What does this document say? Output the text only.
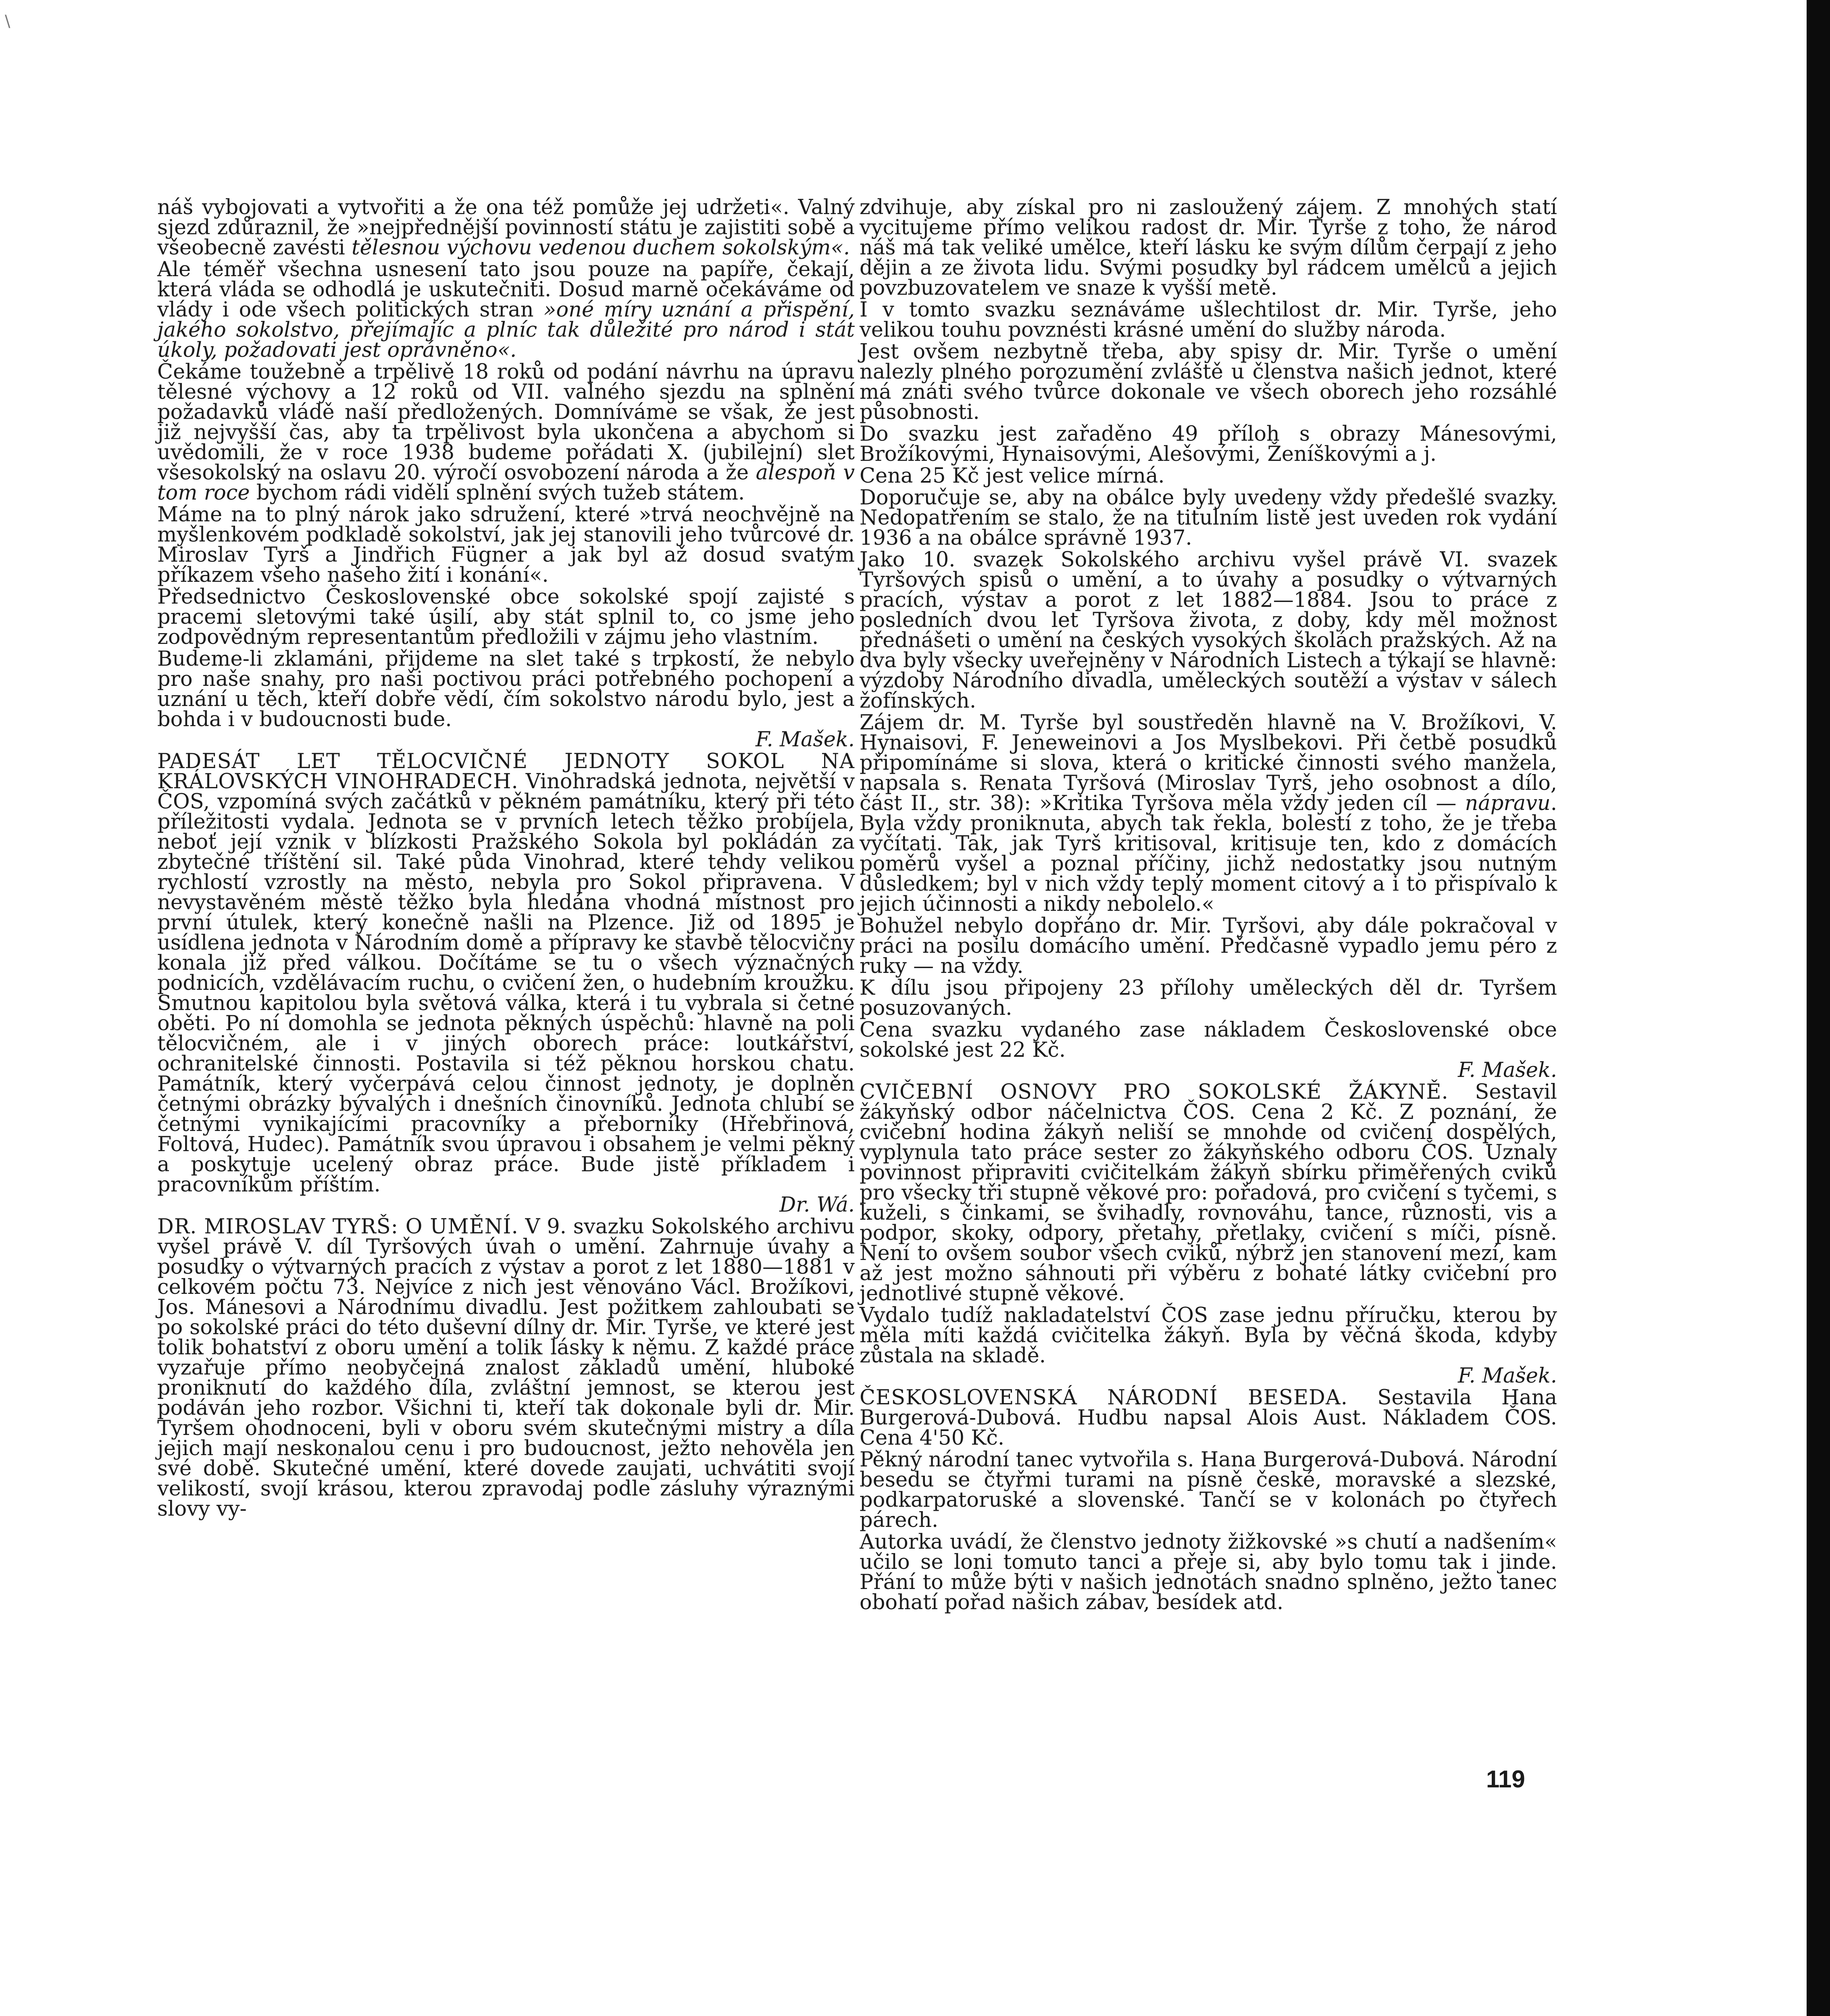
\

náš vybojovati a vytvořiti a že ona též pomůže jej udržeti«. Valný sjezd zdůraznil, že »nejpřednější povinností státu je zajistiti sobě a všeobecně zavésti tělesnou výchovu vedenou duchem sokolským«.

Ale téměř všechna usnesení tato jsou pouze na papíře, čekají, která vláda se odhodlá je uskutečniti. Dosud marně očekáváme od vlády i ode všech politických stran »oné míry uznání a přispění, jakého sokolstvo, přejímajíc a plníc tak důležité pro národ i stát úkoly, požadovati jest oprávněno«.

Čekáme toužebně a trpělivě 18 roků od podání návrhu na úpravu tělesné výchovy a 12 roků od VII. valného sjezdu na splnění požadavků vládě naší předložených. Domníváme se však, že jest již nejvyšší čas, aby ta trpělivost byla ukončena a abychom si uvědomili, že v roce 1938 budeme pořádati X. (jubilejní) slet všesokolský na oslavu 20. výročí osvobození národa a že alespoň v tom roce bychom rádi viděli splnění svých tužeb státem.

Máme na to plný nárok jako sdružení, které »trvá neochvějně na myšlenkovém podkladě sokolství, jak jej stanovili jeho tvůrcové dr. Miroslav Tyrš a Jindřich Fügner a jak byl až dosud svatým příkazem všeho našeho žití i konání«.

Předsednictvo Československé obce sokolské spojí zajisté s pracemi sletovými také úsilí, aby stát splnil to, co jsme jeho zodpovědným representantům předložili v zájmu jeho vlastním.

Budeme-li zklamáni, přijdeme na slet také s trpkostí, že nebylo pro naše snahy, pro naši poctivou práci potřebného pochopení a uznání u těch, kteří dobře vědí, čím sokolstvo národu bylo, jest a bohda i v budoucnosti bude.
F. Mašek.

PADESÁT LET TĚLOCVIČNÉ JEDNOTY SOKOL NA KRÁLOVSKÝCH VINOHRADECH. Vinohradská jednota, největší v ČOS, vzpomíná svých začátků v pěkném památníku, který při této příležitosti vydala. Jednota se v prvních letech těžko probíjela, neboť její vznik v blízkosti Pražského Sokola byl pokládán za zbytečné tříštění sil. Také půda Vinohrad, které tehdy velikou rychlostí vzrostly na město, nebyla pro Sokol připravena. V nevystavěném městě těžko byla hledána vhodná místnost pro první útulek, který konečně našli na Plzence. Již od 1895 je usídlena jednota v Národním domě a přípravy ke stavbě tělocvičny konala již před válkou. Dočítáme se tu o všech význačných podnicích, vzdělávacím ruchu, o cvičení žen, o hudebním kroužku. Smutnou kapitolou byla světová válka, která i tu vybrala si četné oběti. Po ní domohla se jednota pěkných úspěchů: hlavně na poli tělocvičném, ale i v jiných oborech práce: loutkářství, ochranitelské činnosti. Postavila si též pěknou horskou chatu. Památník, který vyčerpává celou činnost jednoty, je doplněn četnými obrázky bývalých i dnešních činovníků. Jednota chlubí se četnými vynikajícími pracovníky a přeborníky (Hřebřinová, Foltová, Hudec). Památník svou úpravou i obsahem je velmi pěkný a poskytuje ucelený obraz práce. Bude jistě příkladem i pracovníkům příštím.
Dr. Wá.

DR. MIROSLAV TYRŠ: O UMĚNÍ. V 9. svazku Sokolského archivu vyšel právě V. díl Tyršových úvah o umění. Zahrnuje úvahy a posudky o výtvarných pracích z výstav a porot z let 1880—1881 v celkovém počtu 73. Nejvíce z nich jest věnováno Václ. Brožíkovi, Jos. Mánesovi a Národnímu divadlu. Jest požitkem zahloubati se po sokolské práci do této duševní dílny dr. Mir. Tyrše, ve které jest tolik bohatství z oboru umění a tolik lásky k němu. Z každé práce vyzařuje přímo neobyčejná znalost základů umění, hluboké proniknutí do každého díla, zvláštní jemnost, se kterou jest podáván jeho rozbor. Všichni ti, kteří tak dokonale byli dr. Mir. Tyršem ohodnoceni, byli v oboru svém skutečnými mistry a díla jejich mají neskonalou cenu i pro budoucnost, ježto nehověla jen své době. Skutečné umění, které dovede zaujati, uchvátiti svojí velikostí, svojí krásou, kterou zpravodaj podle zásluhy výraznými slovy vy-

zdvihuje, aby získal pro ni zasloužený zájem. Z mnohých statí vycitujeme přímo velikou radost dr. Mir. Tyrše z toho, že národ náš má tak veliké umělce, kteří lásku ke svým dílům čerpají z jeho dějin a ze života lidu. Svými posudky byl rádcem umělců a jejich povzbuzovatelem ve snaze k vyšší metě.

I v tomto svazku seznáváme ušlechtilost dr. Mir. Tyrše, jeho velikou touhu povznésti krásné umění do služby národa.

Jest ovšem nezbytně třeba, aby spisy dr. Mir. Tyrše o umění nalezly plného porozumění zvláště u členstva našich jednot, které má znáti svého tvůrce dokonale ve všech oborech jeho rozsáhlé působnosti.

Do svazku jest zařaděno 49 příloh s obrazy Mánesovými, Brožíkovými, Hynaisovými, Alešovými, Ženíškovými a j.

Cena 25 Kč jest velice mírná.

Doporučuje se, aby na obálce byly uvedeny vždy předešlé svazky. Nedopatřením se stalo, že na titulním listě jest uveden rok vydání 1936 a na obálce správně 1937.

Jako 10. svazek Sokolského archivu vyšel právě VI. svazek Tyršových spisů o umění, a to úvahy a posudky o výtvarných pracích, výstav a porot z let 1882—1884. Jsou to práce z posledních dvou let Tyršova života, z doby, kdy měl možnost přednášeti o umění na českých vysokých školách pražských. Až na dva byly všecky uveřejněny v Národních Listech a týkají se hlavně: výzdoby Národního divadla, uměleckých soutěží a výstav v sálech žofínských.

Zájem dr. M. Tyrše byl soustředěn hlavně na V. Brožíkovi, V. Hynaisovi, F. Jeneweinovi a Jos Myslbekovi. Při četbě posudků připomínáme si slova, která o kritické činnosti svého manžela, napsala s. Renata Tyršová (Miroslav Tyrš, jeho osobnost a dílo, část II., str. 38): »Kritika Tyršova měla vždy jeden cíl — nápravu. Byla vždy proniknuta, abych tak řekla, bolestí z toho, že je třeba vyčítati. Tak, jak Tyrš kritisoval, kritisuje ten, kdo z domácích poměrů vyšel a poznal příčiny, jichž nedostatky jsou nutným důsledkem; byl v nich vždy teplý moment citový a i to přispívalo k jejich účinnosti a nikdy nebolelo.«

Bohužel nebylo dopřáno dr. Mir. Tyršovi, aby dále pokračoval v práci na posilu domácího umění. Předčasně vypadlo jemu péro z ruky — na vždy.

K dílu jsou připojeny 23 přílohy uměleckých děl dr. Tyršem posuzovaných.

Cena svazku vydaného zase nákladem Československé obce sokolské jest 22 Kč.
F. Mašek.

CVIČEBNÍ OSNOVY PRO SOKOLSKÉ ŽÁKYNĚ. Sestavil žákyňský odbor náčelnictva ČOS. Cena 2 Kč. Z poznání, že cvičební hodina žákyň neliší se mnohde od cvičení dospělých, vyplynula tato práce sester zo žákyňského odboru ČOS. Uznaly povinnost připraviti cvičitelkám žákyň sbírku přiměřených cviků pro všecky tři stupně věkové pro: pořadová, pro cvičení s tyčemi, s kuželi, s činkami, se švihadly, rovnováhu, tance, různosti, vis a podpor, skoky, odpory, přetahy, přetlaky, cvičení s míči, písně. Není to ovšem soubor všech cviků, nýbrž jen stanovení mezí, kam až jest možno sáhnouti při výběru z bohaté látky cvičební pro jednotlivé stupně věkové.

Vydalo tudíž nakladatelství ČOS zase jednu příručku, kterou by měla míti každá cvičitelka žákyň. Byla by věčná škoda, kdyby zůstala na skladě.
F. Mašek.

ČESKOSLOVENSKÁ NÁRODNÍ BESEDA. Sestavila Hana Burgerová-Dubová. Hudbu napsal Alois Aust. Nákladem ČOS. Cena 4'50 Kč.

Pěkný národní tanec vytvořila s. Hana Burgerová-Dubová. Národní besedu se čtyřmi turami na písně české, moravské a slezské, podkarpatoruské a slovenské. Tančí se v kolonách po čtyřech párech.

Autorka uvádí, že členstvo jednoty žižkovské »s chutí a nadšením« učilo se loni tomuto tanci a přeje si, aby bylo tomu tak i jinde. Přání to může býti v našich jednotách snadno splněno, ježto tanec obohatí pořad našich zábav, besídek atd.

119
